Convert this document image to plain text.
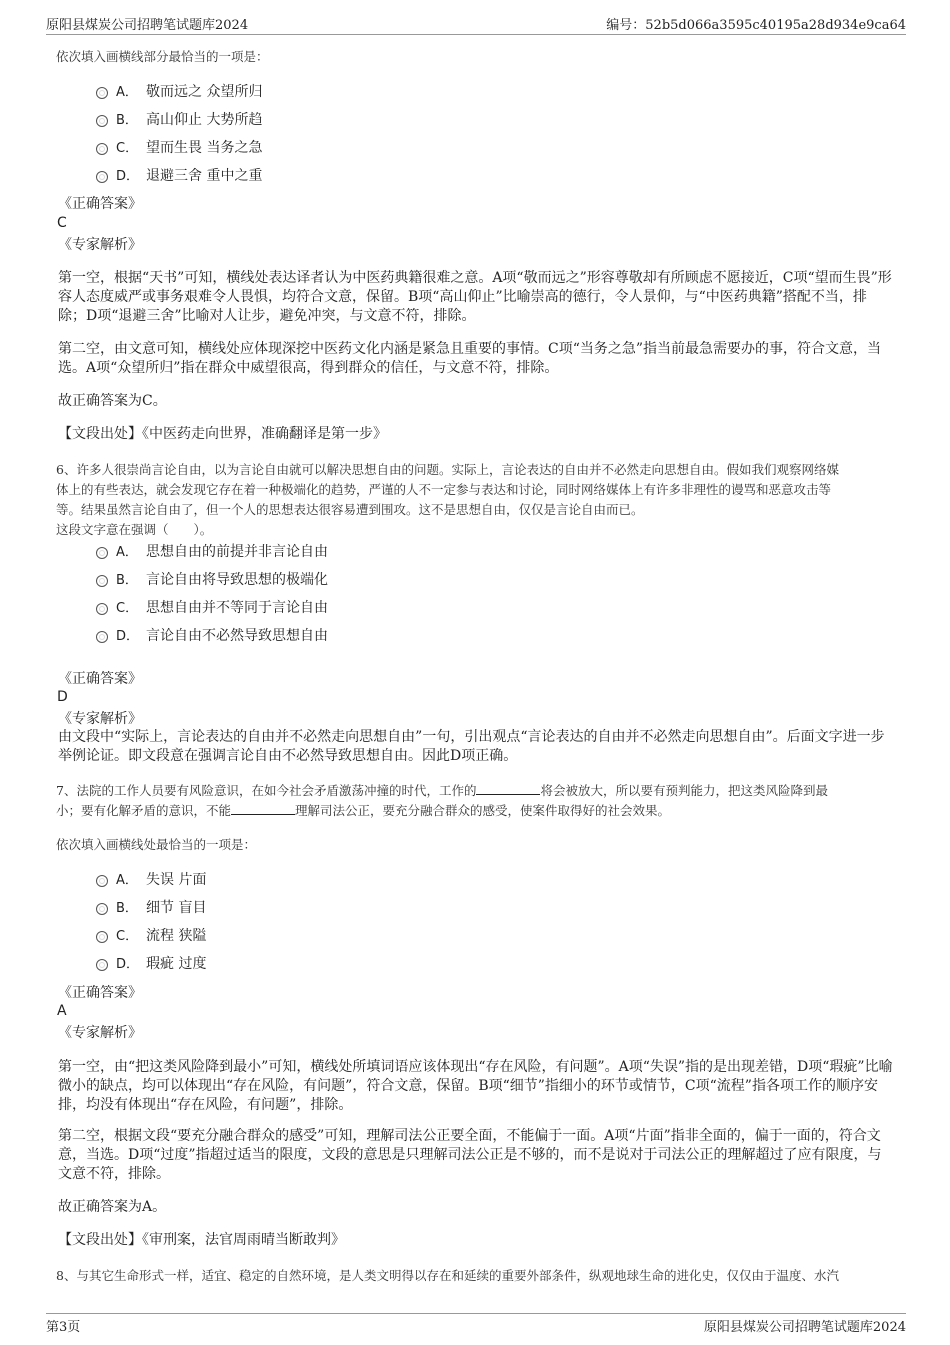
原阳县煤炭公司招聘笔试题库2024	编号：52b5d066a3595c40195a28d934e9ca64
依次填入画横线部分最恰当的一项是：
A． 敬而远之 众望所归
B． 高山仰止 大势所趋
C． 望而生畏 当务之急
D． 退避三舍 重中之重
《正确答案》
C
《专家解析》
第一空，根据“天书”可知，横线处表达译者认为中医药典籍很难之意。A项“敬而远之”形容尊敬却有所顾虑不愿接近，C项“望而生畏”形容人态度威严或事务艰难令人畏惧，均符合文意，保留。B项“高山仰止”比喻崇高的德行，令人景仰，与“中医药典籍”搭配不当，排除；D项“退避三舍”比喻对人让步，避免冲突，与文意不符，排除。
第二空，由文意可知，横线处应体现深挖中医药文化内涵是紧急且重要的事情。C项“当务之急”指当前最急需要办的事，符合文意，当选。A项“众望所归”指在群众中威望很高，得到群众的信任，与文意不符，排除。
故正确答案为C。
【文段出处】《中医药走向世界，准确翻译是第一步》
6、许多人很崇尚言论自由，以为言论自由就可以解决思想自由的问题。实际上，言论表达的自由并不必然走向思想自由。假如我们观察网络媒
体上的有些表达，就会发现它存在着一种极端化的趋势，严谨的人不一定参与表达和讨论，同时网络媒体上有许多非理性的谩骂和恶意攻击等
等。结果虽然言论自由了，但一个人的思想表达很容易遭到围攻。这不是思想自由，仅仅是言论自由而已。
这段文字意在强调（　　）。
A． 思想自由的前提并非言论自由
B． 言论自由将导致思想的极端化
C． 思想自由并不等同于言论自由
D． 言论自由不必然导致思想自由
《正确答案》
D
《专家解析》
由文段中“实际上，言论表达的自由并不必然走向思想自由”一句，引出观点“言论表达的自由并不必然走向思想自由”。后面文字进一步举例论证。即文段意在强调言论自由不必然导致思想自由。因此D项正确。
7、法院的工作人员要有风险意识，在如今社会矛盾激荡冲撞的时代，工作的	将会被放大，所以要有预判能力，把这类风险降到最
小；要有化解矛盾的意识，不能	理解司法公正，要充分融合群众的感受，使案件取得好的社会效果。
依次填入画横线处最恰当的一项是：
A． 失误 片面
B． 细节 盲目
C． 流程 狭隘
D． 瑕疵 过度
《正确答案》
A
《专家解析》
第一空，由“把这类风险降到最小”可知，横线处所填词语应该体现出“存在风险，有问题”。A项“失误”指的是出现差错，D项“瑕疵”比喻微小的缺点，均可以体现出“存在风险，有问题”，符合文意，保留。B项“细节”指细小的环节或情节，C项“流程”指各项工作的顺序安排，均没有体现出“存在风险，有问题”，排除。
第二空，根据文段“要充分融合群众的感受”可知，理解司法公正要全面，不能偏于一面。A项“片面”指非全面的，偏于一面的，符合文意，当选。D项“过度”指超过适当的限度，文段的意思是只理解司法公正是不够的，而不是说对于司法公正的理解超过了应有限度，与文意不符，排除。
故正确答案为A。
【文段出处】《审刑案，法官周雨晴当断敢判》
8、与其它生命形式一样，适宜、稳定的自然环境，是人类文明得以存在和延续的重要外部条件，纵观地球生命的进化史，仅仅由于温度、水汽
第3页	原阳县煤炭公司招聘笔试题库2024
